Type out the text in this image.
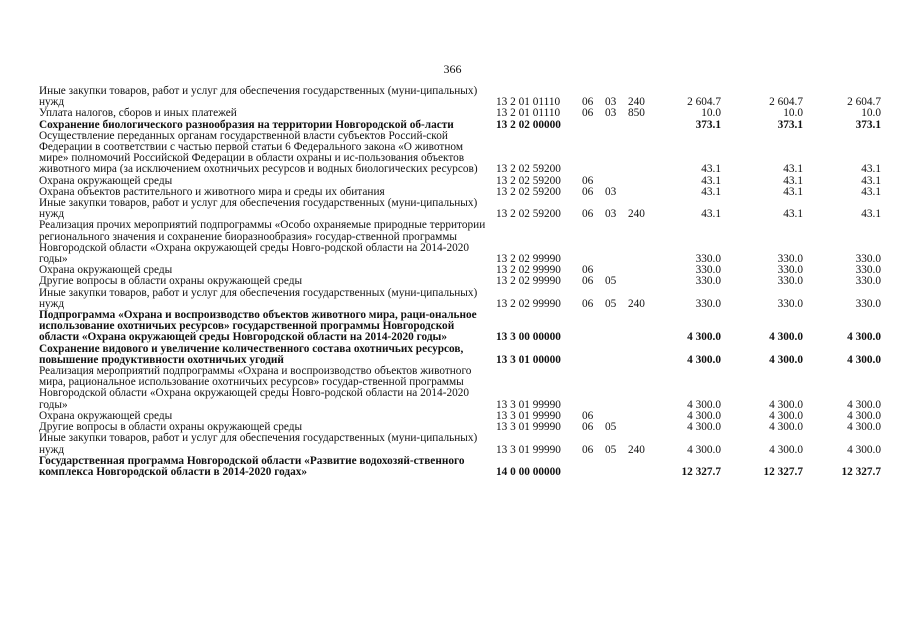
366
Иные закупки товаров, работ и услуг для обеспечения государственных (муни-ципальных) нужд	13 2 01 01110 06 03 240	2 604.7	2 604.7	2 604.7
Уплата налогов, сборов и иных платежей	13 2 01 01110 06 03 850	10.0	10.0	10.0
Сохранение биологического разнообразия на территории Новгородской об-ласти	13 2 02 00000	373.1	373.1	373.1
Осуществление переданных органам государственной власти субъектов Россий-ской Федерации в соответствии с частью первой статьи 6 Федерального закона «О животном мире» полномочий Российской Федерации в области охраны и ис-пользования объектов животного мира (за исключением охотничьих ресурсов и водных биологических ресурсов)	13 2 02 59200	43.1	43.1	43.1
Охрана окружающей среды	13 2 02 59200 06	43.1	43.1	43.1
Охрана объектов растительного и животного мира и среды их обитания	13 2 02 59200 06 03	43.1	43.1	43.1
Иные закупки товаров, работ и услуг для обеспечения государственных (муни-ципальных) нужд	13 2 02 59200 06 03 240	43.1	43.1	43.1
Реализация прочих мероприятий подпрограммы «Особо охраняемые природные территории регионального значения и сохранение биоразнообразия» государ-ственной программы Новгородской области «Охрана окружающей среды Новго-родской области на 2014-2020 годы»	13 2 02 99990	330.0	330.0	330.0
Охрана окружающей среды	13 2 02 99990 06	330.0	330.0	330.0
Другие вопросы в области охраны окружающей среды	13 2 02 99990 06 05	330.0	330.0	330.0
Иные закупки товаров, работ и услуг для обеспечения государственных (муни-ципальных) нужд	13 2 02 99990 06 05 240	330.0	330.0	330.0
Подпрограмма «Охрана и воспроизводство объектов животного мира, раци-ональное использование охотничьих ресурсов» государственной программы Новгородской области «Охрана окружающей среды Новгородской области на 2014-2020 годы»	13 3 00 00000	4 300.0	4 300.0	4 300.0
Сохранение видового и увеличение количественного состава охотничьих ресурсов, повышение продуктивности охотничьих угодий	13 3 01 00000	4 300.0	4 300.0	4 300.0
Реализация мероприятий подпрограммы «Охрана и воспроизводство объектов животного мира, рациональное использование охотничьих ресурсов» государ-ственной программы Новгородской области «Охрана окружающей среды Новго-родской области на 2014-2020 годы»	13 3 01 99990	4 300.0	4 300.0	4 300.0
Охрана окружающей среды	13 3 01 99990 06	4 300.0	4 300.0	4 300.0
Другие вопросы в области охраны окружающей среды	13 3 01 99990 06 05	4 300.0	4 300.0	4 300.0
Иные закупки товаров, работ и услуг для обеспечения государственных (муни-ципальных) нужд	13 3 01 99990 06 05 240	4 300.0	4 300.0	4 300.0
Государственная программа Новгородской области «Развитие водохозяй-ственного комплекса Новгородской области в 2014-2020 годах»	14 0 00 00000	12 327.7	12 327.7	12 327.7
